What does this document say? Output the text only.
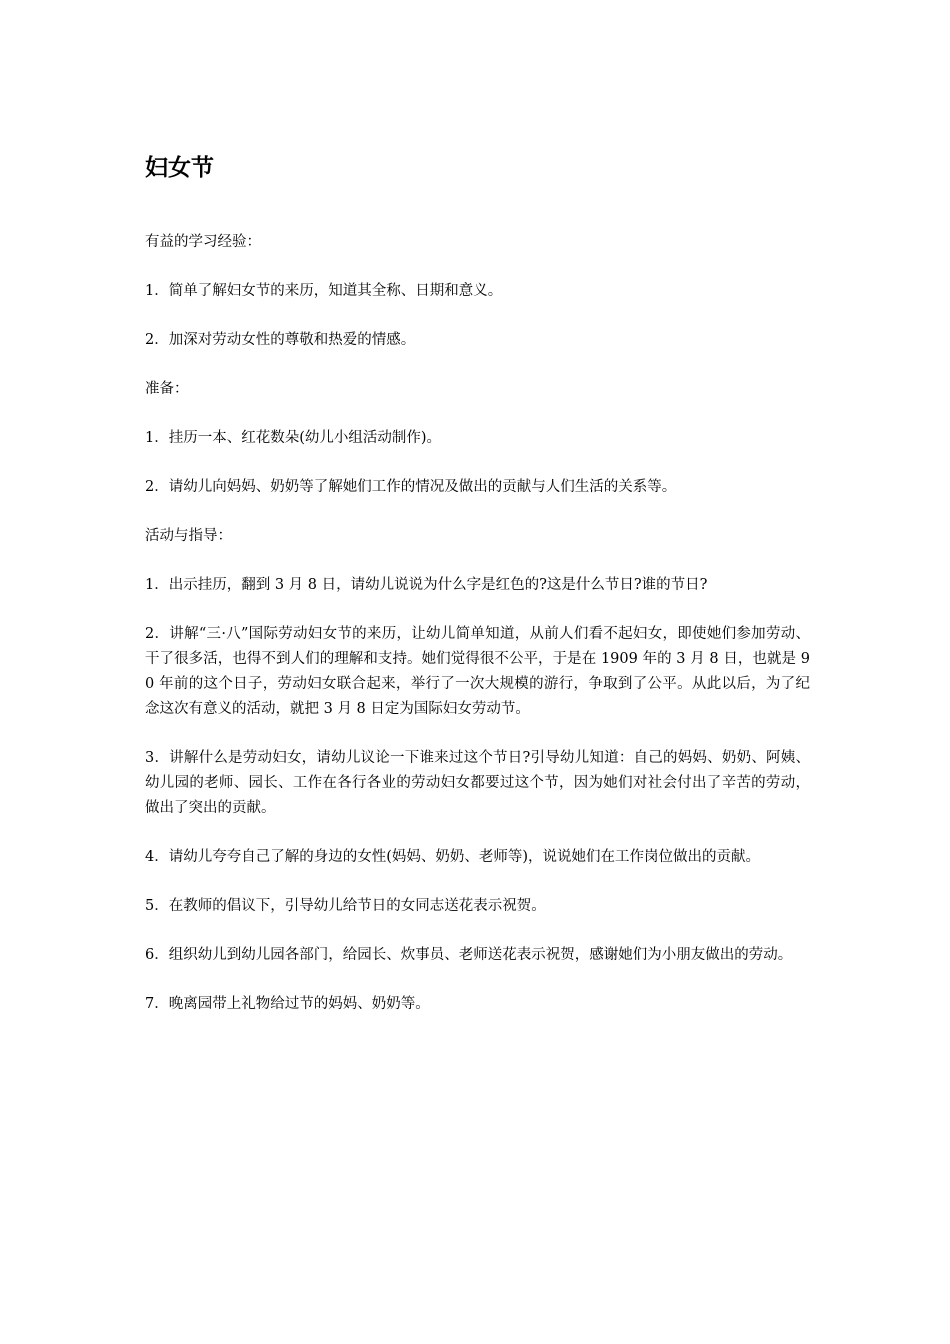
妇女节

有益的学习经验：

1．简单了解妇女节的来历，知道其全称、日期和意义。

2．加深对劳动女性的尊敬和热爱的情感。

准备：

1．挂历一本、红花数朵(幼儿小组活动制作)。

2．请幼儿向妈妈、奶奶等了解她们工作的情况及做出的贡献与人们生活的关系等。

活动与指导：

1．出示挂历，翻到 3 月 8 日，请幼儿说说为什么字是红色的?这是什么节日?谁的节日?

2．讲解“三·八”国际劳动妇女节的来历，让幼儿简单知道，从前人们看不起妇女，即使她们参加劳动、干了很多活，也得不到人们的理解和支持。她们觉得很不公平，于是在 1909 年的 3 月 8 日，也就是 90 年前的这个日子，劳动妇女联合起来，举行了一次大规模的游行，争取到了公平。从此以后，为了纪念这次有意义的活动，就把 3 月 8 日定为国际妇女劳动节。

3．讲解什么是劳动妇女，请幼儿议论一下谁来过这个节日?引导幼儿知道：自己的妈妈、奶奶、阿姨、幼儿园的老师、园长、工作在各行各业的劳动妇女都要过这个节，因为她们对社会付出了辛苦的劳动，做出了突出的贡献。

4．请幼儿夸夸自己了解的身边的女性(妈妈、奶奶、老师等)，说说她们在工作岗位做出的贡献。

5．在教师的倡议下，引导幼儿给节日的女同志送花表示祝贺。

6．组织幼儿到幼儿园各部门，给园长、炊事员、老师送花表示祝贺，感谢她们为小朋友做出的劳动。

7．晚离园带上礼物给过节的妈妈、奶奶等。
